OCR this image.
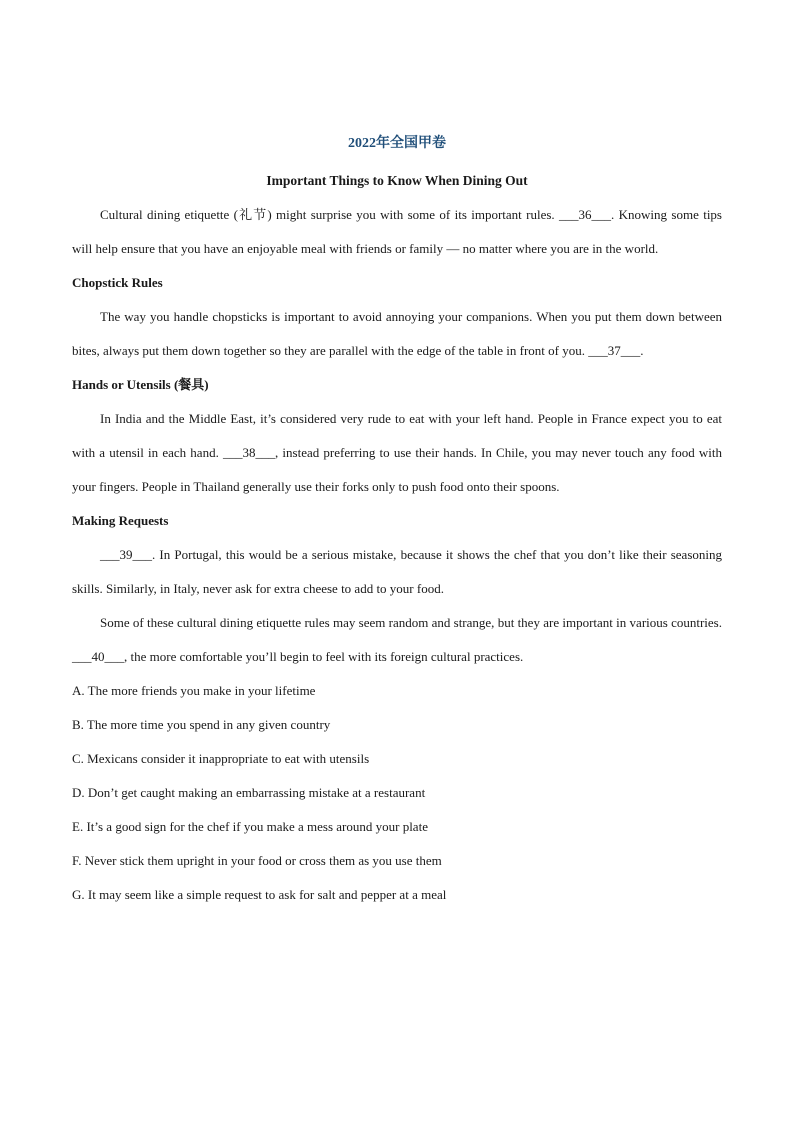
2022年全国甲卷

Important Things to Know When Dining Out

Cultural dining etiquette (礼节) might surprise you with some of its important rules. ___36___. Knowing some tips will help ensure that you have an enjoyable meal with friends or family — no matter where you are in the world.

Chopstick Rules

The way you handle chopsticks is important to avoid annoying your companions. When you put them down between bites, always put them down together so they are parallel with the edge of the table in front of you. ___37___.

Hands or Utensils (餐具)

In India and the Middle East, it’s considered very rude to eat with your left hand. People in France expect you to eat with a utensil in each hand. ___38___, instead preferring to use their hands. In Chile, you may never touch any food with your fingers. People in Thailand generally use their forks only to push food onto their spoons.

Making Requests

___39___. In Portugal, this would be a serious mistake, because it shows the chef that you don’t like their seasoning skills. Similarly, in Italy, never ask for extra cheese to add to your food.

Some of these cultural dining etiquette rules may seem random and strange, but they are important in various countries. ___40___, the more comfortable you’ll begin to feel with its foreign cultural practices.

A. The more friends you make in your lifetime
B. The more time you spend in any given country
C. Mexicans consider it inappropriate to eat with utensils
D. Don’t get caught making an embarrassing mistake at a restaurant
E. It’s a good sign for the chef if you make a mess around your plate
F. Never stick them upright in your food or cross them as you use them
G. It may seem like a simple request to ask for salt and pepper at a meal
